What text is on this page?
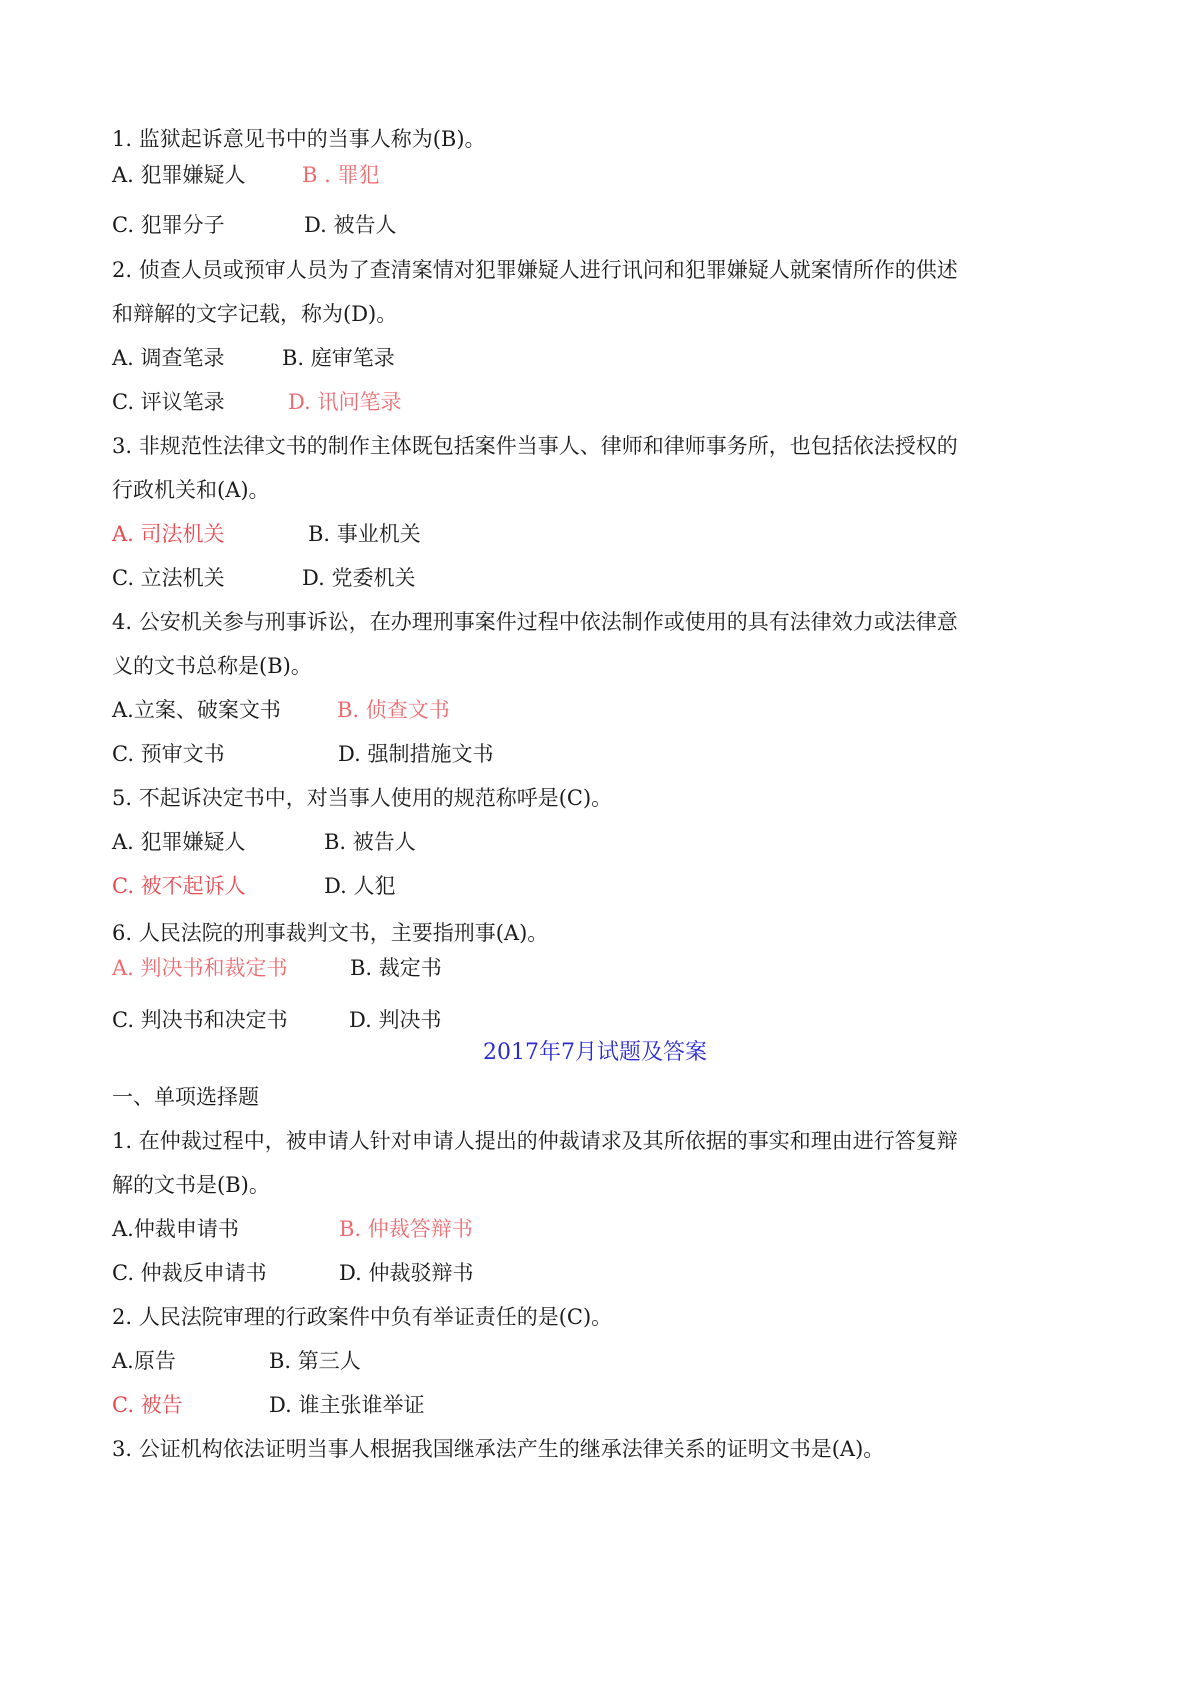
1. 监狱起诉意见书中的当事人称为(B)。
A. 犯罪嫌疑人	B . 罪犯
C. 犯罪分子	D. 被告人
2. 侦查人员或预审人员为了查清案情对犯罪嫌疑人进行讯问和犯罪嫌疑人就案情所作的供述
和辩解的文字记载，称为(D)。
A. 调查笔录	B. 庭审笔录
C. 评议笔录	D. 讯问笔录
3. 非规范性法律文书的制作主体既包括案件当事人、律师和律师事务所，也包括依法授权的
行政机关和(A)。
A. 司法机关	B. 事业机关
C. 立法机关	D. 党委机关
4. 公安机关参与刑事诉讼，在办理刑事案件过程中依法制作或使用的具有法律效力或法律意
义的文书总称是(B)。
A.立案、破案文书	B. 侦查文书
C. 预审文书	D. 强制措施文书
5. 不起诉决定书中，对当事人使用的规范称呼是(C)。
A. 犯罪嫌疑人	B. 被告人
C. 被不起诉人	D. 人犯
6. 人民法院的刑事裁判文书，主要指刑事(A)。
A. 判决书和裁定书	B. 裁定书
C. 判决书和决定书	D. 判决书
2017年7月试题及答案
一、单项选择题
1. 在仲裁过程中，被申请人针对申请人提出的仲裁请求及其所依据的事实和理由进行答复辩
解的文书是(B)。
A.仲裁申请书	B. 仲裁答辩书
C. 仲裁反申请书	D. 仲裁驳辩书
2. 人民法院审理的行政案件中负有举证责任的是(C)。
A.原告	B. 第三人
C. 被告	D. 谁主张谁举证
3. 公证机构依法证明当事人根据我国继承法产生的继承法律关系的证明文书是(A)。
